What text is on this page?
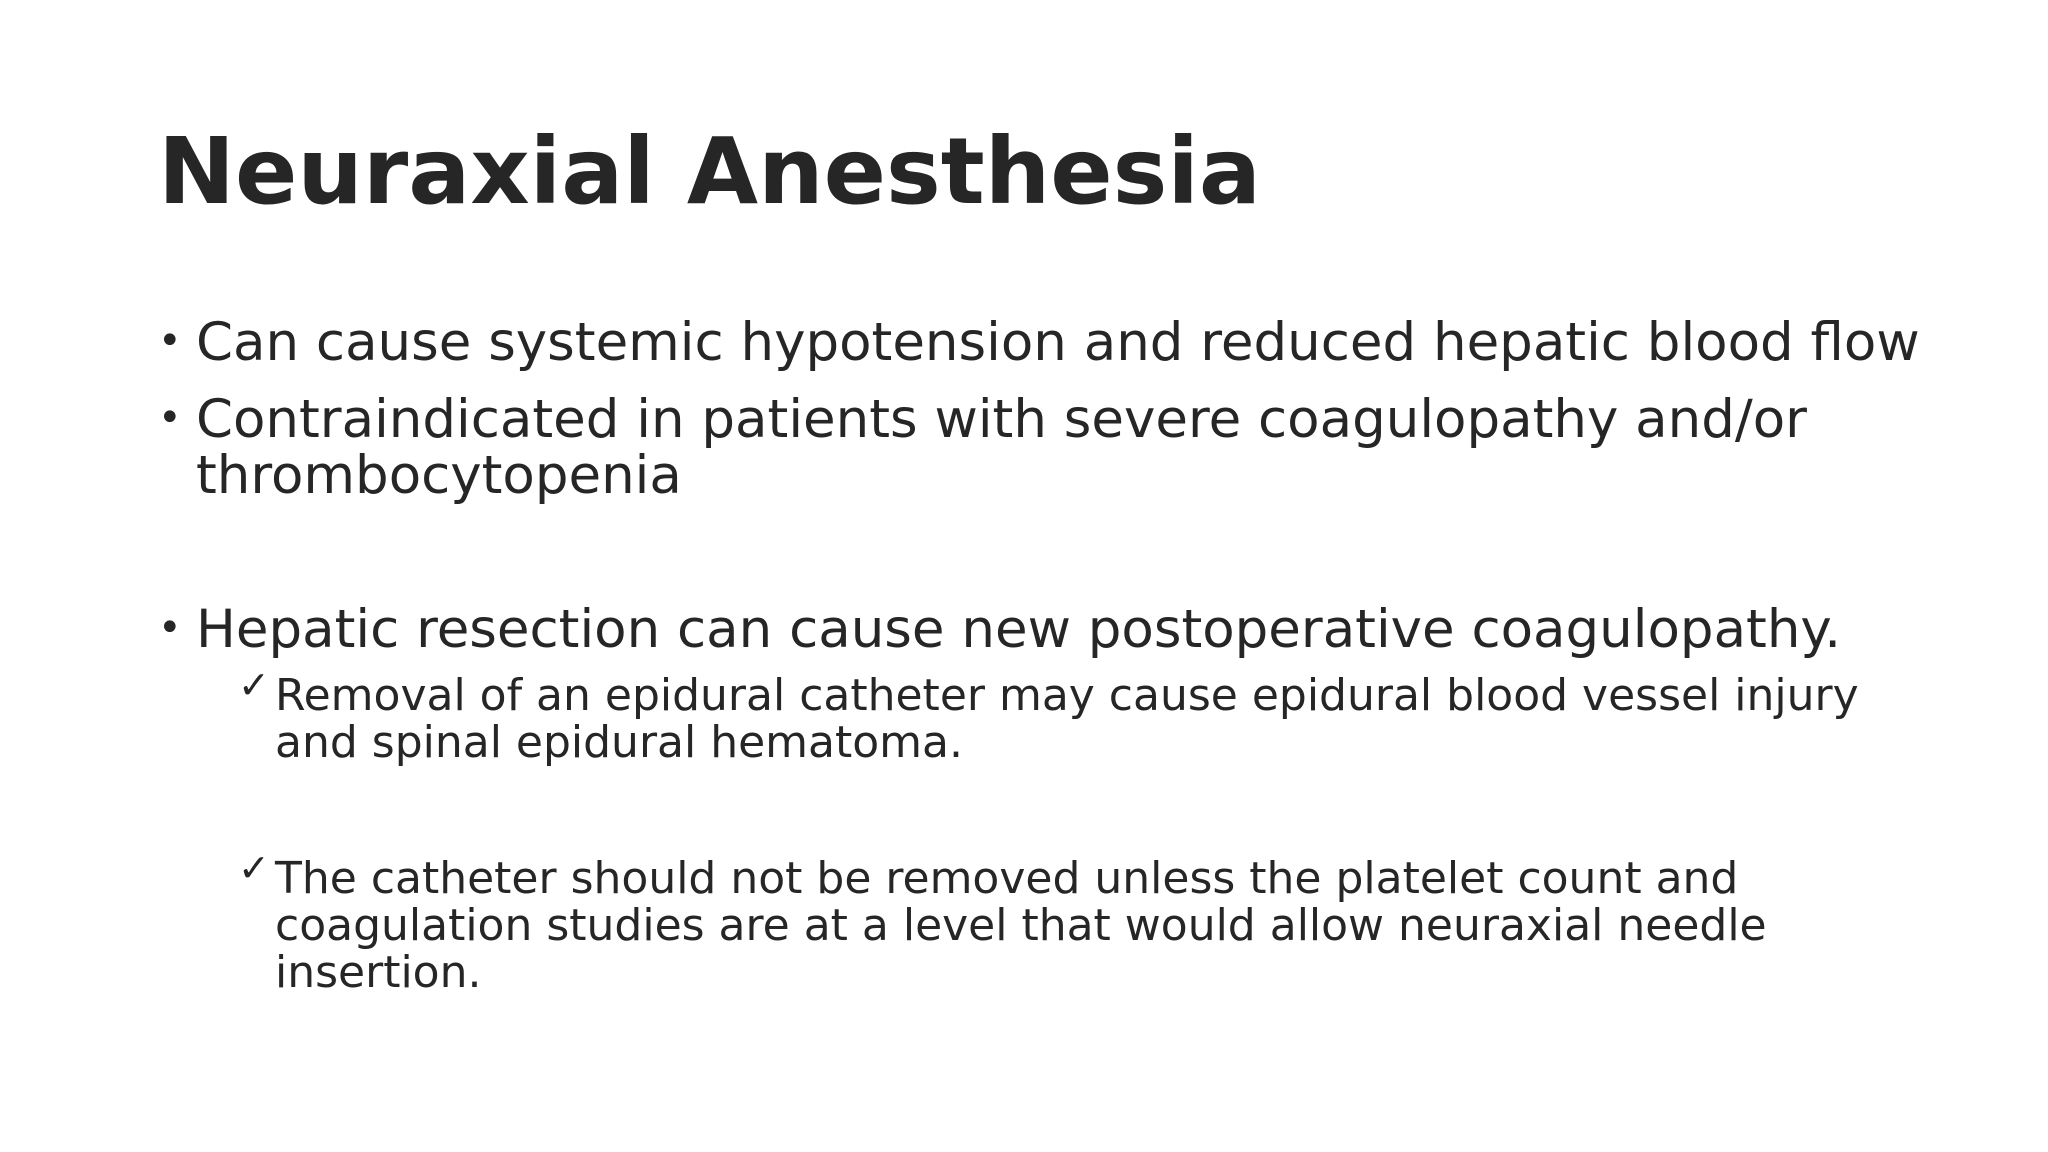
Neuraxial Anesthesia
• Can cause systemic hypotension and reduced hepatic blood flow
• Contraindicated in patients with severe coagulopathy and/or
thrombocytopenia
• Hepatic resection can cause new postoperative coagulopathy.
✓ Removal of an epidural catheter may cause epidural blood vessel injury
and spinal epidural hematoma.
✓ The catheter should not be removed unless the platelet count and
coagulation studies are at a level that would allow neuraxial needle
insertion.
